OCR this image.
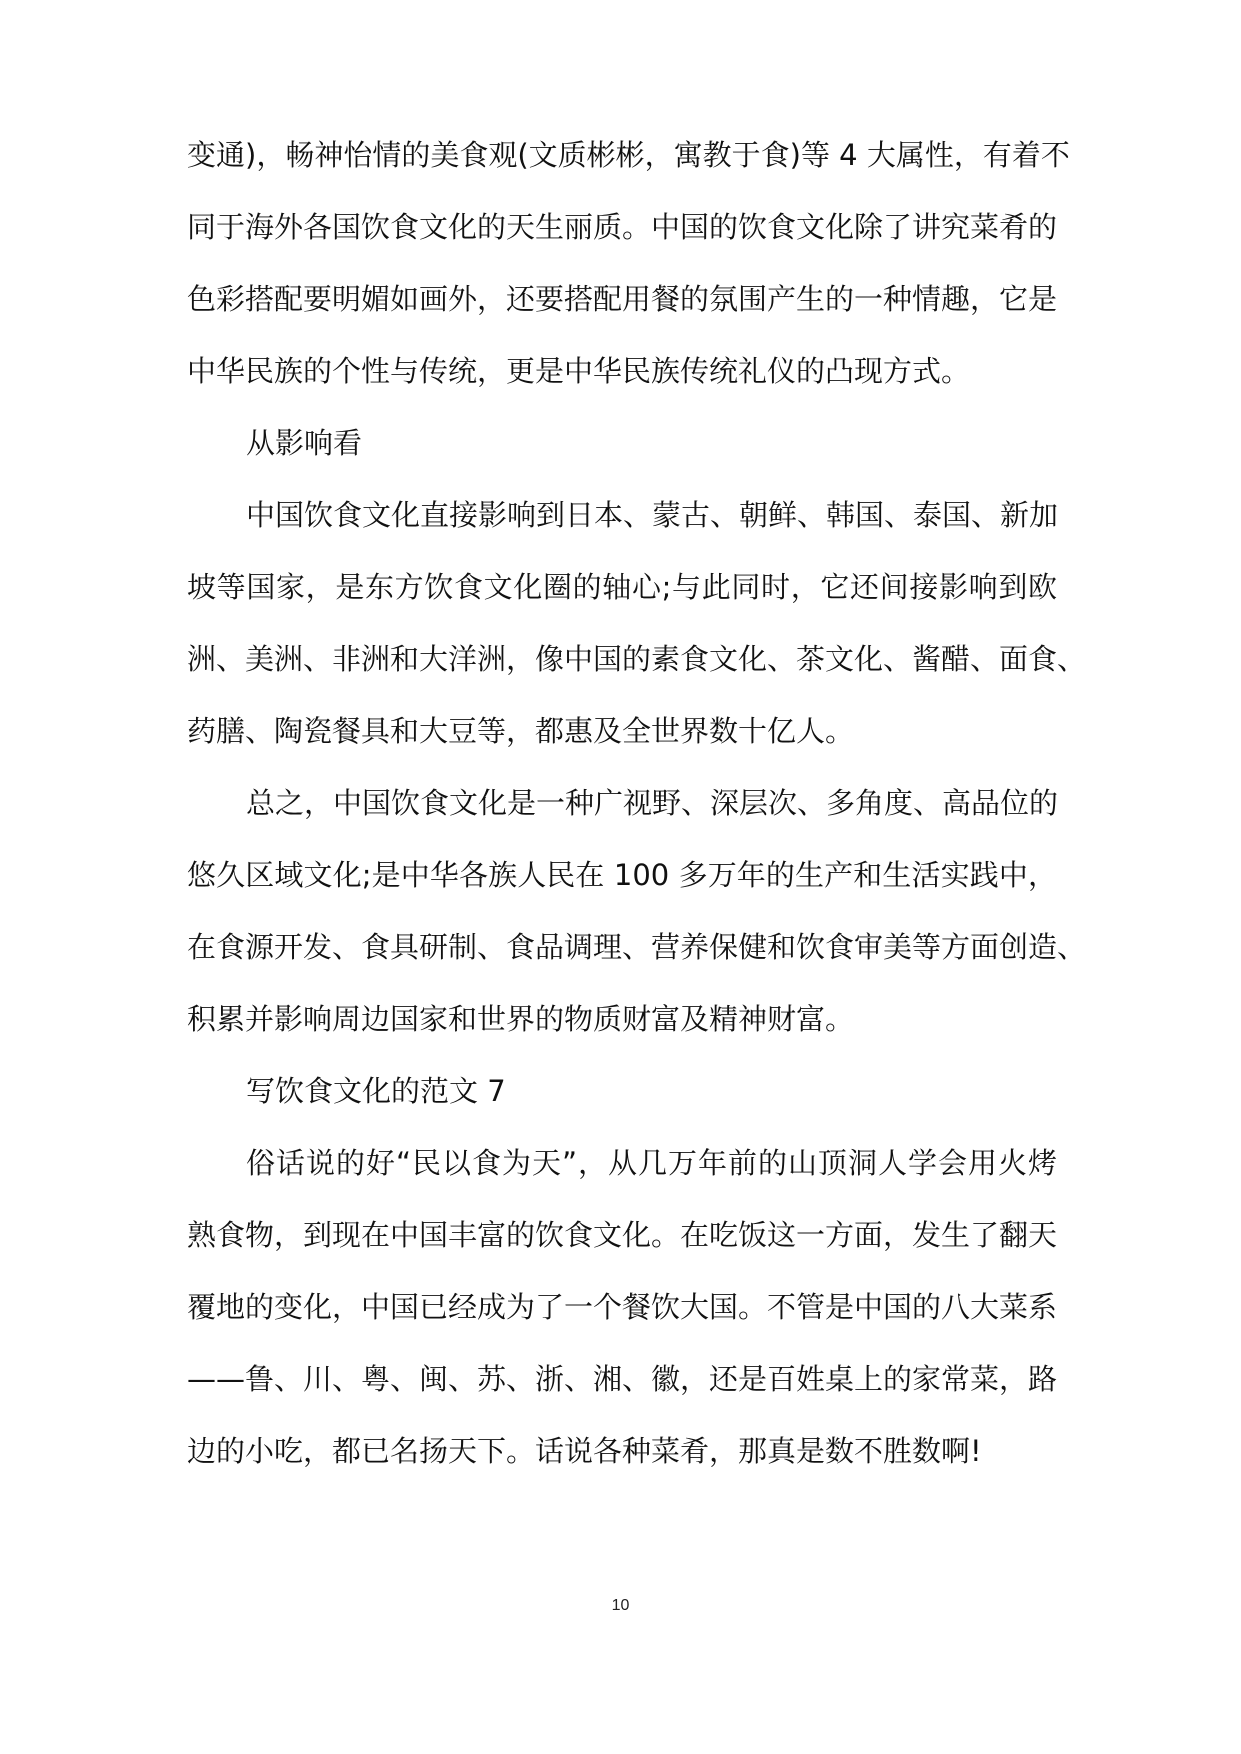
变通)，畅神怡情的美食观(文质彬彬，寓教于食)等 4 大属性，有着不
同于海外各国饮食文化的天生丽质。中国的饮食文化除了讲究菜肴的
色彩搭配要明媚如画外，还要搭配用餐的氛围产生的一种情趣，它是
中华民族的个性与传统，更是中华民族传统礼仪的凸现方式。
从影响看
中国饮食文化直接影响到日本、蒙古、朝鲜、韩国、泰国、新加
坡等国家，是东方饮食文化圈的轴心;与此同时，它还间接影响到欧
洲、美洲、非洲和大洋洲，像中国的素食文化、茶文化、酱醋、面食、
药膳、陶瓷餐具和大豆等，都惠及全世界数十亿人。
总之，中国饮食文化是一种广视野、深层次、多角度、高品位的
悠久区域文化;是中华各族人民在 100 多万年的生产和生活实践中，
在食源开发、食具研制、食品调理、营养保健和饮食审美等方面创造、
积累并影响周边国家和世界的物质财富及精神财富。
写饮食文化的范文 7
俗话说的好“民以食为天”，从几万年前的山顶洞人学会用火烤
熟食物，到现在中国丰富的饮食文化。在吃饭这一方面，发生了翻天
覆地的变化，中国已经成为了一个餐饮大国。不管是中国的八大菜系
——鲁、川、粤、闽、苏、浙、湘、徽，还是百姓桌上的家常菜，路
边的小吃，都已名扬天下。话说各种菜肴，那真是数不胜数啊!
10
